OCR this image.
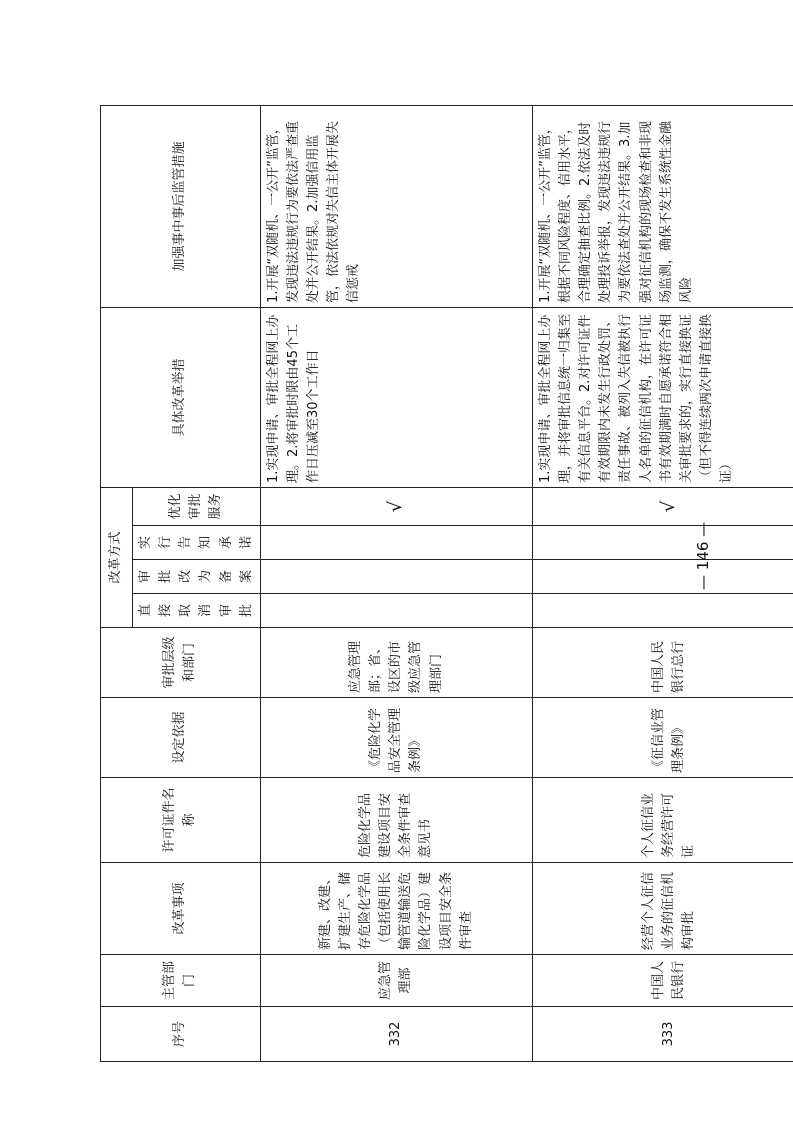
序号	主管部门	改革事项	许可证件名称	设定依据	审批层级和部门	改革方式				具体改革举措	加强事中事后监管措施
						直接取消审批	审批改为备案	实行告知承诺	优化审批服务		
332	应急管理部	新建、改建、扩建生产、储存危险化学品（包括使用长输管道输送危险化学品）建设项目安全条件审查	危险化学品建设项目安全条件审查意见书	《危险化学品安全管理条例》	应急管理部；省、设区的市级应急管理部门				√	1.实现申请、审批全程网上办理。2.将审批时限由45个工作日压减至30个工作日	1.开展“双随机、一公开”监管，发现违法违规行为要依法严查重处并公开结果。2.加强信用监管，依法依规对失信主体开展失信惩戒
333	中国人民银行	经营个人征信业务的征信机构审批	个人征信业务经营许可证	《征信业管理条例》	中国人民银行总行				√	1.实现申请、审批全程网上办理，并将审批信息统一归集至有关信息平台。2.对许可证件有效期限内未发生行政处罚、责任事故、被列入失信被执行人名单的征信机构，在许可证书有效期满时自愿承诺符合相关审批要求的，实行直接换证（但不得连续两次申请直接换证）	1.开展“双随机、一公开”监管，根据不同风险程度、信用水平，合理确定抽查比例。2.依法及时处理投诉举报，发现违法违规行为要依法查处并公开结果。3.加强对征信机构的现场检查和非现场监测，确保不发生系统性金融风险
— 146 —
